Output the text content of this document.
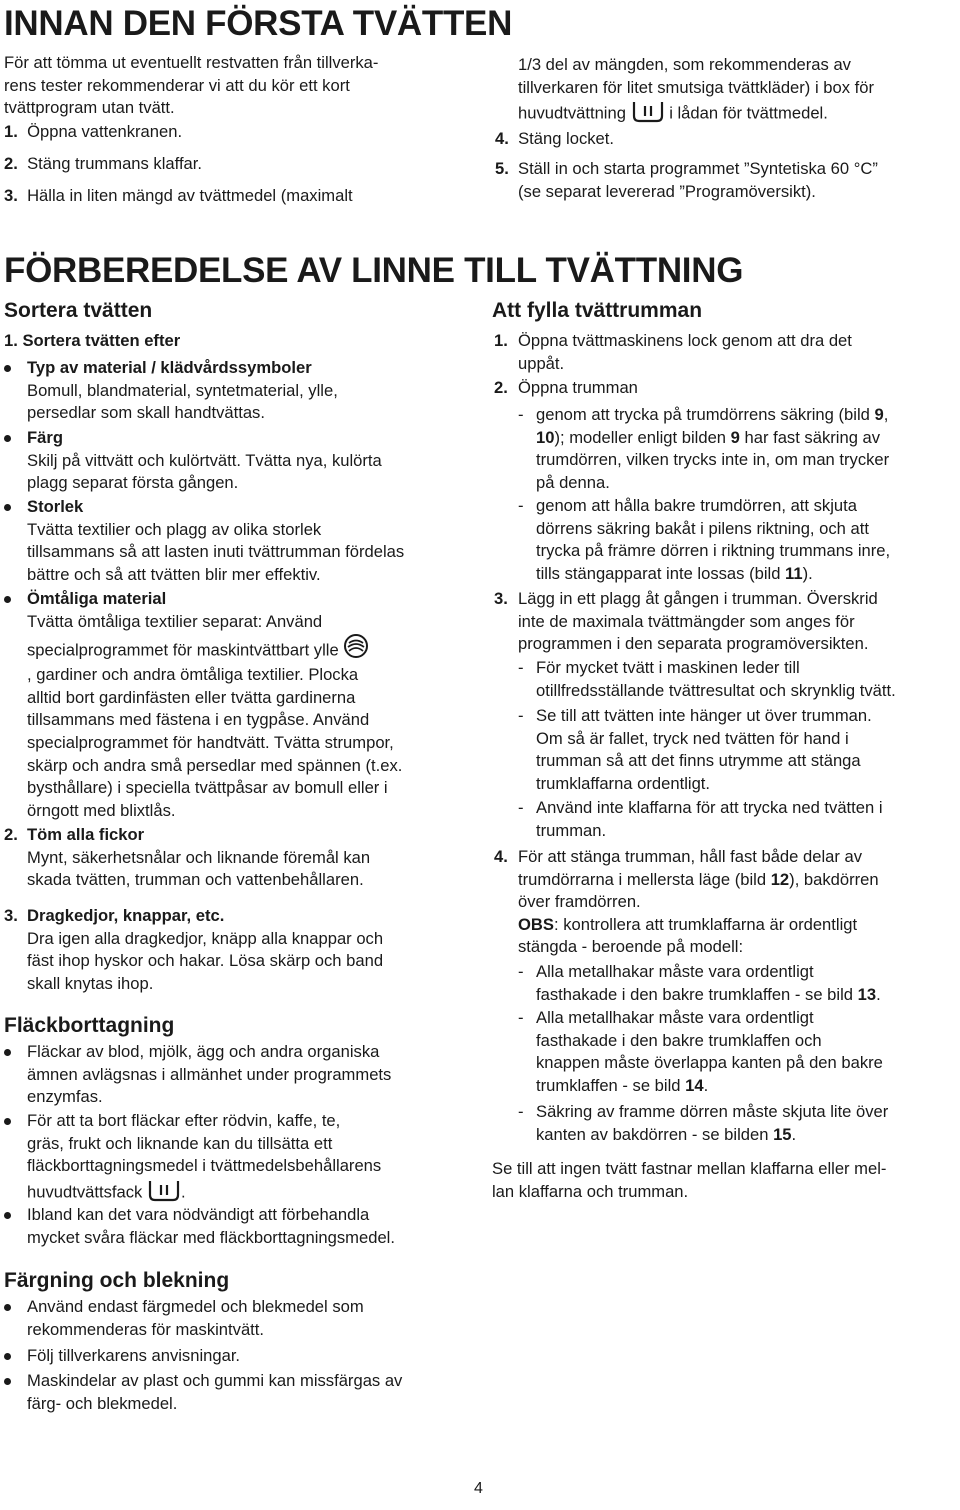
INNAN DEN FÖRSTA TVÄTTEN
För att tömma ut eventuellt restvatten från tillverka-
rens tester rekommenderar vi att du kör ett kort
tvättprogram utan tvätt.
1. Öppna vattenkranen.
2. Stäng trummans klaffar.
3. Hälla in liten mängd av tvättmedel (maximalt
1/3 del av mängden, som rekommenderas av
tillverkaren för litet smutsiga tvättkläder) i box för
huvudtvättning	i lådan för tvättmedel.
4. Stäng locket.
5. Ställ in och starta programmet ”Syntetiska 60 °C”
(se separat levererad ”Programöversikt).
FÖRBEREDELSE AV LINNE TILL TVÄTTNING
Sortera tvätten
1. Sortera tvätten efter
Typ av material / klädvårdssymboler
Bomull, blandmaterial, syntetmaterial, ylle,
persedlar som skall handtvättas.
Färg
Skilj på vittvätt och kulörtvätt. Tvätta nya, kulörta
plagg separat första gången.
Storlek
Tvätta textilier och plagg av olika storlek
tillsammans så att lasten inuti tvättrumman fördelas
bättre och så att tvätten blir mer effektiv.
Ömtåliga material
Tvätta ömtåliga textilier separat: Använd
specialprogrammet för maskintvättbart ylle
, gardiner och andra ömtåliga textilier. Plocka
alltid bort gardinfästen eller tvätta gardinerna
tillsammans med fästena i en tygpåse. Använd
specialprogrammet för handtvätt. Tvätta strumpor,
skärp och andra små persedlar med spännen (t.ex.
bysthållare) i speciella tvättpåsar av bomull eller i
örngott med blixtlås.
2. Töm alla fickor
Mynt, säkerhetsnålar och liknande föremål kan
skada tvätten, trumman och vattenbehållaren.
3. Dragkedjor, knappar, etc.
Dra igen alla dragkedjor, knäpp alla knappar och
fäst ihop hyskor och hakar. Lösa skärp och band
skall knytas ihop.
Fläckborttagning
Fläckar av blod, mjölk, ägg och andra organiska
ämnen avlägsnas i allmänhet under programmets
enzymfas.
För att ta bort fläckar efter rödvin, kaffe, te,
gräs, frukt och liknande kan du tillsätta ett
fläckborttagningsmedel i tvättmedelsbehållarens
huvudtvättsfack .
Ibland kan det vara nödvändigt att förbehandla
mycket svåra fläckar med fläckborttagningsmedel.
Färgning och blekning
Använd endast färgmedel och blekmedel som
rekommenderas för maskintvätt.
Följ tillverkarens anvisningar.
Maskindelar av plast och gummi kan missfärgas av
färg- och blekmedel.
Att fylla tvättrumman
1. Öppna tvättmaskinens lock genom att dra det
uppåt.
2. Öppna trumman
- genom att trycka på trumdörrens säkring (bild 9,
10); modeller enligt bilden 9 har fast säkring av
trumdörren, vilken trycks inte in, om man trycker
på denna.
- genom att hålla bakre trumdörren, att skjuta
dörrens säkring bakåt i pilens riktning, och att
trycka på främre dörren i riktning trummans inre,
tills stängapparat inte lossas (bild 11).
3. Lägg in ett plagg åt gången i trumman. Överskrid
inte de maximala tvättmängder som anges för
programmen i den separata programöversikten.
- För mycket tvätt i maskinen leder till
otillfredsställande tvättresultat och skrynklig tvätt.
- Se till att tvätten inte hänger ut över trumman.
Om så är fallet, tryck ned tvätten för hand i
trumman så att det finns utrymme att stänga
trumklaffarna ordentligt.
- Använd inte klaffarna för att trycka ned tvätten i
trumman.
4. För att stänga trumman, håll fast både delar av
trumdörrarna i mellersta läge (bild 12), bakdörren
över framdörren.
OBS: kontrollera att trumklaffarna är ordentligt
stängda - beroende på modell:
- Alla metallhakar måste vara ordentligt
fasthakade i den bakre trumklaffen - se bild 13.
- Alla metallhakar måste vara ordentligt
fasthakade i den bakre trumklaffen och
knappen måste överlappa kanten på den bakre
trumklaffen - se bild 14.
- Säkring av framme dörren måste skjuta lite över
kanten av bakdörren - se bilden 15.
Se till att ingen tvätt fastnar mellan klaffarna eller mel-
lan klaffarna och trumman.
4
